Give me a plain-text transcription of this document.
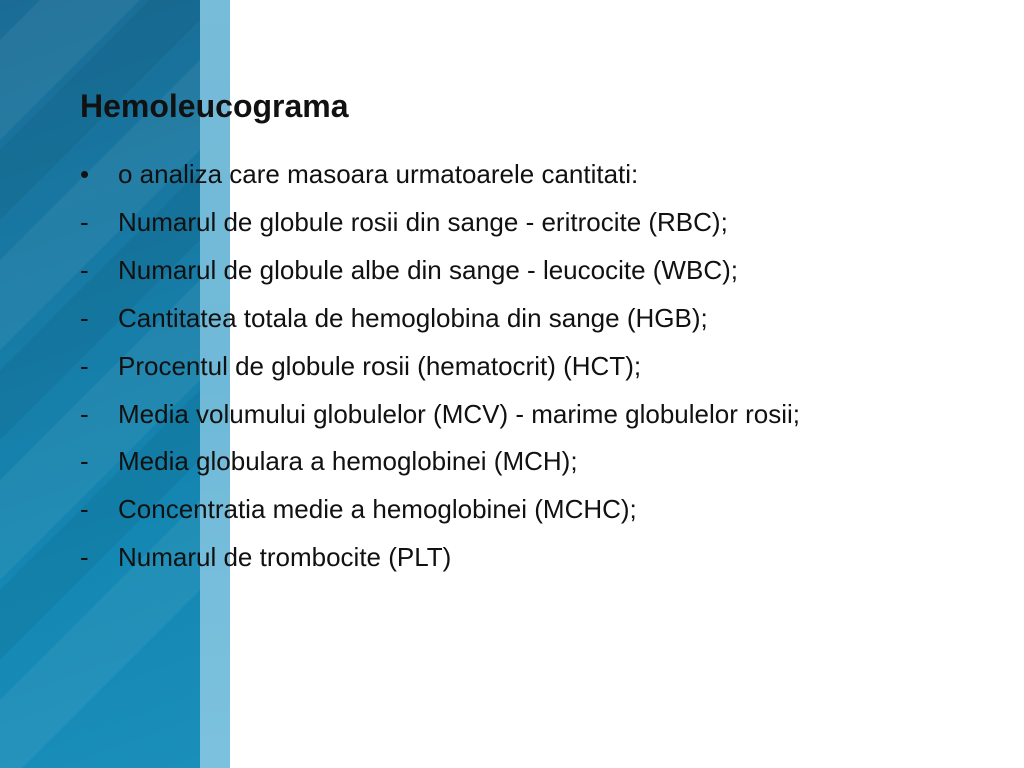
Hemoleucograma
•	o analiza care masoara urmatoarele cantitati:
-	Numarul de globule rosii din sange - eritrocite (RBC);
-	Numarul de globule albe din sange - leucocite (WBC);
-	Cantitatea totala de hemoglobina din sange (HGB);
-	Procentul de globule rosii (hematocrit) (HCT);
-	Media volumului globulelor (MCV) - marime globulelor rosii;
-	Media globulara a hemoglobinei (MCH);
-	Concentratia medie a hemoglobinei (MCHC);
-	Numarul de trombocite (PLT)
